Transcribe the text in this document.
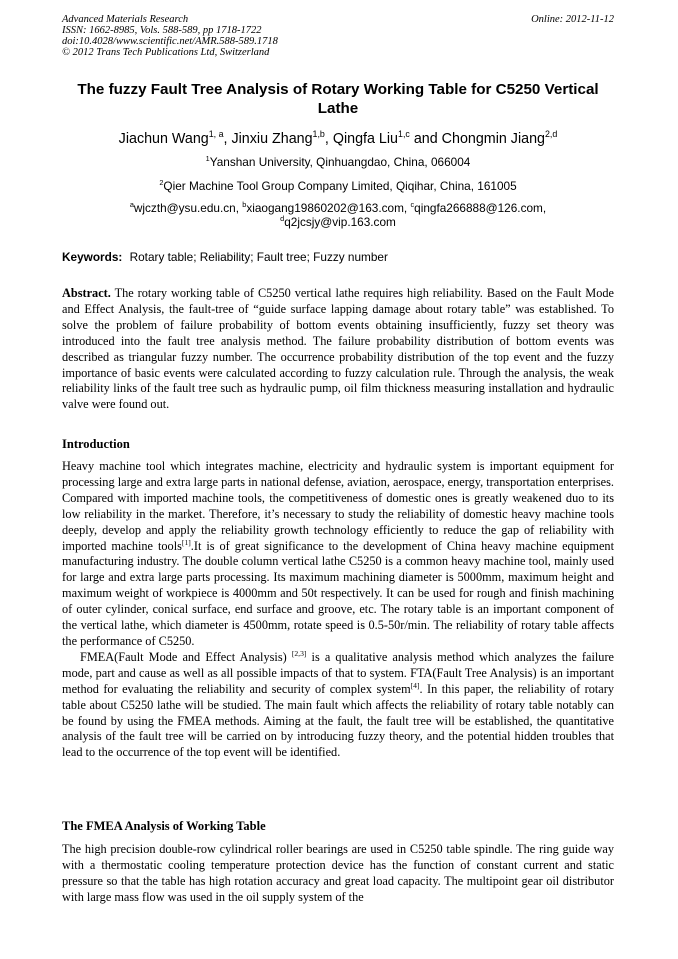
Advanced Materials Research
ISSN: 1662-8985, Vols. 588-589, pp 1718-1722
doi:10.4028/www.scientific.net/AMR.588-589.1718
© 2012 Trans Tech Publications Ltd, Switzerland
Online: 2012-11-12
The fuzzy Fault Tree Analysis of Rotary Working Table for C5250 Vertical Lathe
Jiachun Wang$^{1, a}$, Jinxiu Zhang$^{1,b}$, Qingfa Liu$^{1,c}$ and Chongmin Jiang$^{2,d}$
$^1$Yanshan University, Qinhuangdao, China, 066004
$^2$Qier Machine Tool Group Company Limited, Qiqihar, China, 161005
$^a$wjczth@ysu.edu.cn, $^b$xiaogang19860202@163.com, $^c$qingfa266888@126.com,
$^d$q2jcsjy@vip.163.com
Keywords: Rotary table; Reliability; Fault tree; Fuzzy number
Abstract. The rotary working table of C5250 vertical lathe requires high reliability. Based on the Fault Mode and Effect Analysis, the fault-tree of “guide surface lapping damage about rotary table” was established. To solve the problem of failure probability of bottom events obtaining insufficiently, fuzzy set theory was introduced into the fault tree analysis method. The failure probability distribution of bottom events was described as triangular fuzzy number. The occurrence probability distribution of the top event and the fuzzy importance of basic events were calculated according to fuzzy calculation rule. Through the analysis, the weak reliability links of the fault tree such as hydraulic pump, oil film thickness measuring installation and hydraulic valve were found out.
Introduction

Heavy machine tool which integrates machine, electricity and hydraulic system is important equipment for processing large and extra large parts in national defense, aviation, aerospace, energy, transportation enterprises. Compared with imported machine tools, the competitiveness of domestic ones is greatly weakened duo to its low reliability in the market. Therefore, it’s necessary to study the reliability of domestic heavy machine tools deeply, develop and apply the reliability growth technology efficiently to reduce the gap of reliability with imported machine tools[1].It is of great significance to the development of China heavy machine equipment manufacturing industry. The double column vertical lathe C5250 is a common heavy machine tool, mainly used for large and extra large parts processing. Its maximum machining diameter is 5000mm, maximum height and maximum weight of workpiece is 4000mm and 50t respectively. It can be used for rough and finish machining of outer cylinder, conical surface, end surface and groove, etc. The rotary table is an important component of the vertical lathe, which diameter is 4500mm, rotate speed is 0.5-50r/min. The reliability of rotary table affects the performance of C5250.

FMEA(Fault Mode and Effect Analysis) [2,3] is a qualitative analysis method which analyzes the failure mode, part and cause as well as all possible impacts of that to system. FTA(Fault Tree Analysis) is an important method for evaluating the reliability and security of complex system[4]. In this paper, the reliability of rotary table about C5250 lathe will be studied. The main fault which affects the reliability of rotary table notably can be found by using the FMEA methods. Aiming at the fault, the fault tree will be established, the quantitative analysis of the fault tree will be carried on by introducing fuzzy theory, and the potential hidden troubles that lead to the occurrence of the top event will be identified.

The FMEA Analysis of Working Table

The high precision double-row cylindrical roller bearings are used in C5250 table spindle. The ring guide way with a thermostatic cooling temperature protection device has the function of constant current and static pressure so that the table has high rotation accuracy and great load capacity. The multipoint gear oil distributor with large mass flow was used in the oil supply system of the
